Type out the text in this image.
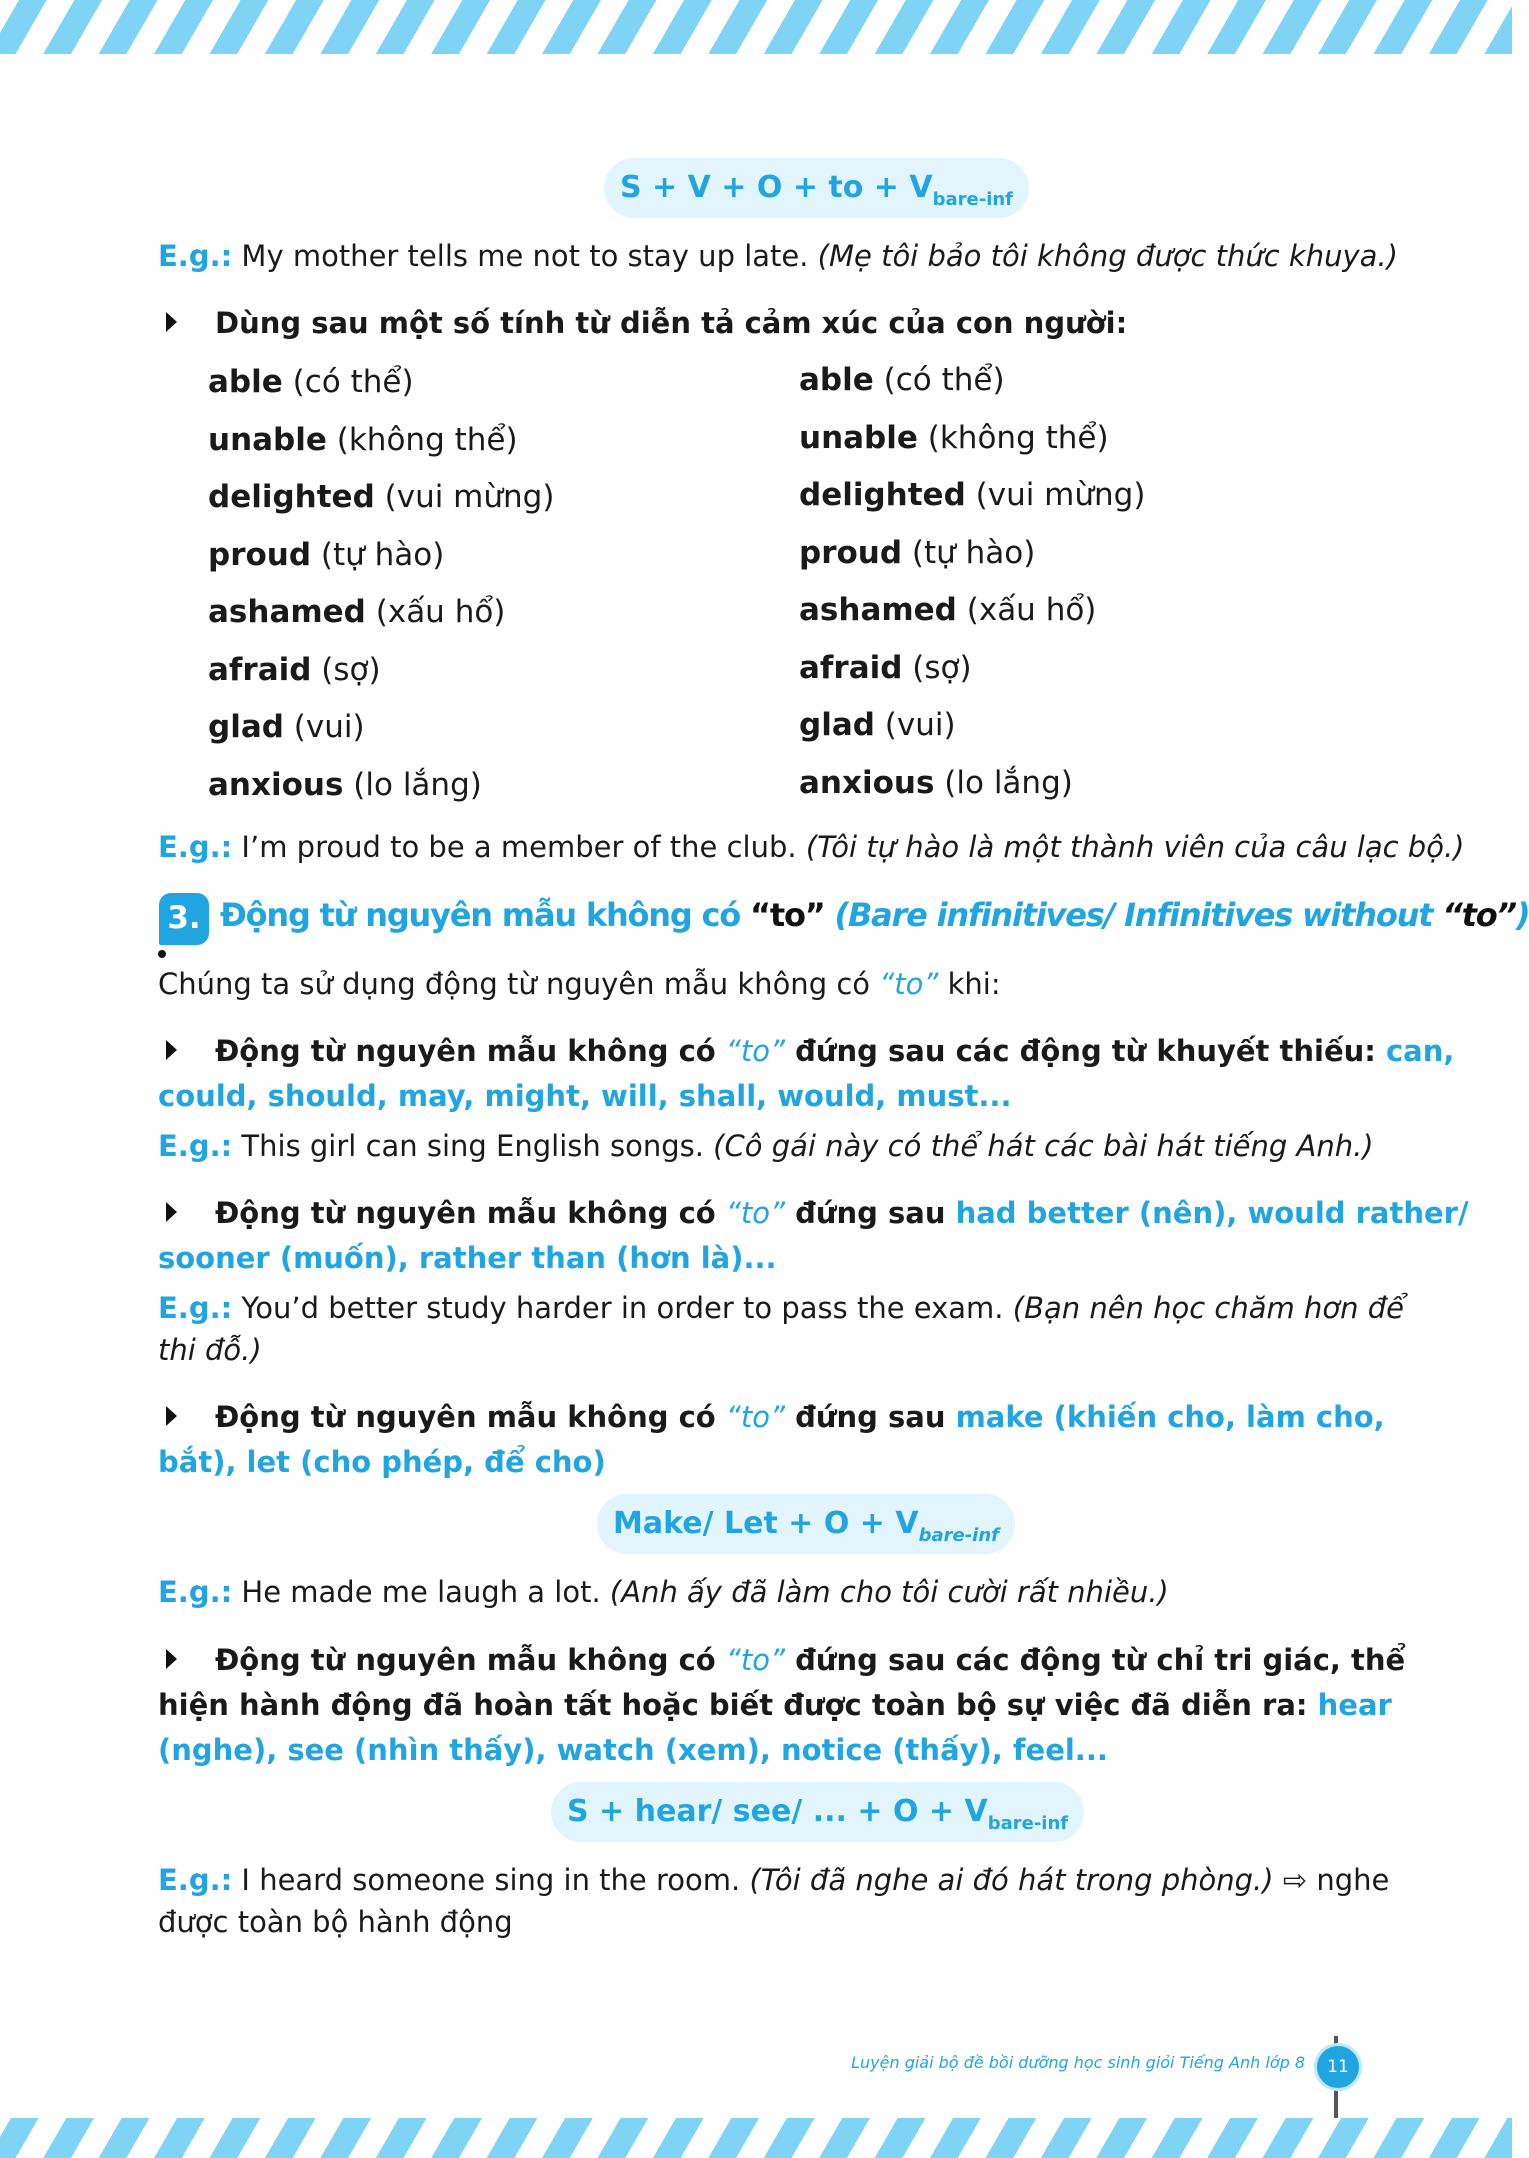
S + V + O + to + $V_{bare-inf}$
E.g.: My mother tells me not to stay up late. (Mẹ tôi bảo tôi không được thức khuya.)
Dùng sau một số tính từ diễn tả cảm xúc của con người:
able (có thể)
unable (không thể)
delighted (vui mừng)
proud (tự hào)
ashamed (xấu hổ)
afraid (sợ)
glad (vui)
anxious (lo lắng)
able (có thể)
unable (không thể)
delighted (vui mừng)
proud (tự hào)
ashamed (xấu hổ)
afraid (sợ)
glad (vui)
anxious (lo lắng)
E.g.: I’m proud to be a member of the club. (Tôi tự hào là một thành viên của câu lạc bộ.)
3. Động từ nguyên mẫu không có “to” (Bare infinitives/ Infinitives without “to”)
Chúng ta sử dụng động từ nguyên mẫu không có “to” khi:
Động từ nguyên mẫu không có “to” đứng sau các động từ khuyết thiếu: can,
could, should, may, might, will, shall, would, must...
E.g.: This girl can sing English songs. (Cô gái này có thể hát các bài hát tiếng Anh.)
Động từ nguyên mẫu không có “to” đứng sau had better (nên), would rather/
sooner (muốn), rather than (hơn là)...
E.g.: You’d better study harder in order to pass the exam. (Bạn nên học chăm hơn để
thi đỗ.)
Động từ nguyên mẫu không có “to” đứng sau make (khiến cho, làm cho,
bắt), let (cho phép, để cho)
Make/ Let + $O + V_{bare-inf}$
E.g.: He made me laugh a lot. (Anh ấy đã làm cho tôi cười rất nhiều.)
Động từ nguyên mẫu không có “to” đứng sau các động từ chỉ tri giác, thể
hiện hành động đã hoàn tất hoặc biết được toàn bộ sự việc đã diễn ra: hear
(nghe), see (nhìn thấy), watch (xem), notice (thấy), feel...
S + hear/ see/ ... + $O + V_{bare-inf}$
E.g.: I heard someone sing in the room. (Tôi đã nghe ai đó hát trong phòng.) ⇨ nghe
được toàn bộ hành động
Luyện giải bộ đề bồi dưỡng học sinh giỏi Tiếng Anh lớp 8	11
